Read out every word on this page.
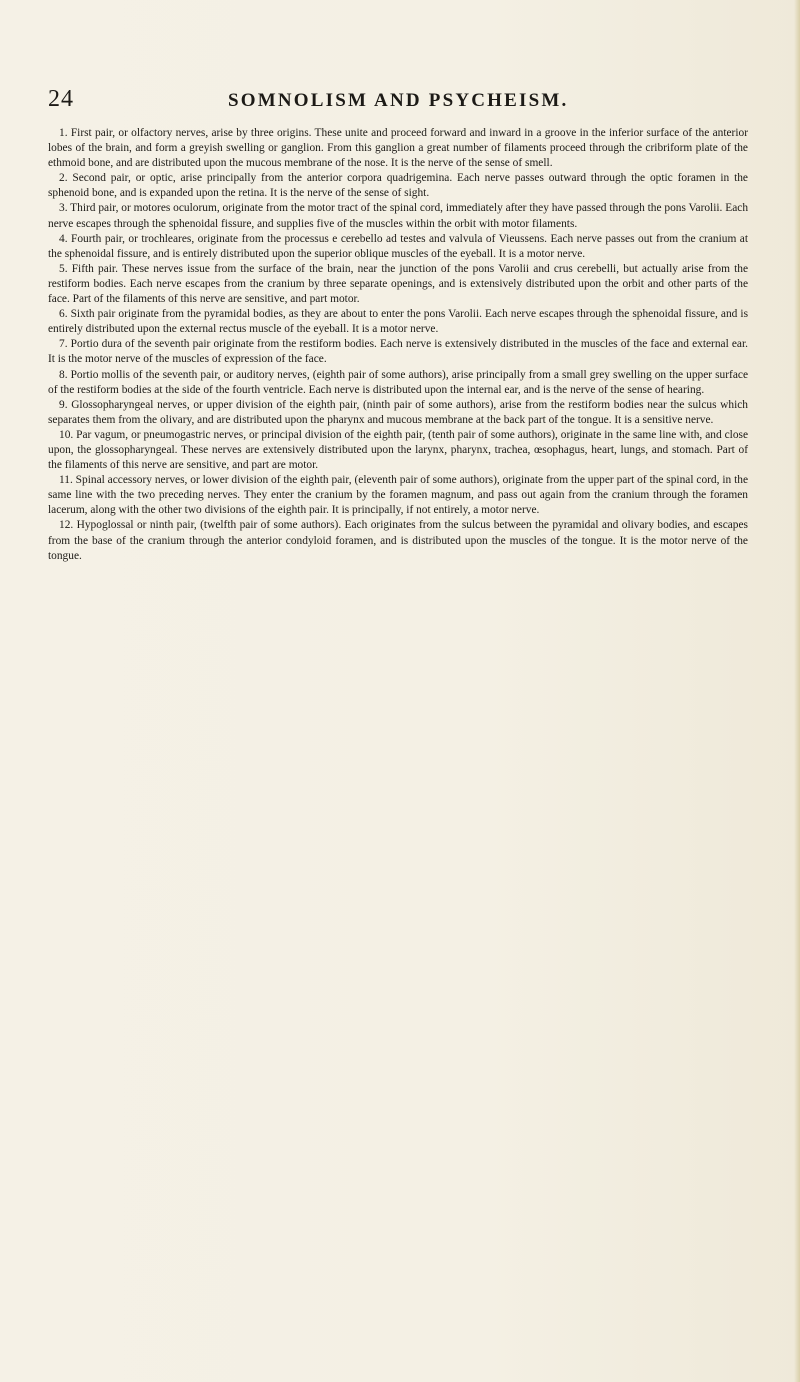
24	SOMNOLISM AND PSYCHEISM.

1. First pair, or olfactory nerves, arise by three origins. These unite and proceed forward and inward in a groove in the inferior surface of the anterior lobes of the brain, and form a greyish swelling or ganglion. From this ganglion a great number of filaments proceed through the cribriform plate of the ethmoid bone, and are distributed upon the mucous membrane of the nose. It is the nerve of the sense of smell.

2. Second pair, or optic, arise principally from the anterior corpora quadrigemina. Each nerve passes outward through the optic foramen in the sphenoid bone, and is expanded upon the retina. It is the nerve of the sense of sight.

3. Third pair, or motores oculorum, originate from the motor tract of the spinal cord, immediately after they have passed through the pons Varolii. Each nerve escapes through the sphenoidal fissure, and supplies five of the muscles within the orbit with motor filaments.

4. Fourth pair, or trochleares, originate from the processus e cerebello ad testes and valvula of Vieussens. Each nerve passes out from the cranium at the sphenoidal fissure, and is entirely distributed upon the superior oblique muscles of the eyeball. It is a motor nerve.

5. Fifth pair. These nerves issue from the surface of the brain, near the junction of the pons Varolii and crus cerebelli, but actually arise from the restiform bodies. Each nerve escapes from the cranium by three separate openings, and is extensively distributed upon the orbit and other parts of the face. Part of the filaments of this nerve are sensitive, and part motor.

6. Sixth pair originate from the pyramidal bodies, as they are about to enter the pons Varolii. Each nerve escapes through the sphenoidal fissure, and is entirely distributed upon the external rectus muscle of the eyeball. It is a motor nerve.

7. Portio dura of the seventh pair originate from the restiform bodies. Each nerve is extensively distributed in the muscles of the face and external ear. It is the motor nerve of the muscles of expression of the face.

8. Portio mollis of the seventh pair, or auditory nerves, (eighth pair of some authors), arise principally from a small grey swelling on the upper surface of the restiform bodies at the side of the fourth ventricle. Each nerve is distributed upon the internal ear, and is the nerve of the sense of hearing.

9. Glossopharyngeal nerves, or upper division of the eighth pair, (ninth pair of some authors), arise from the restiform bodies near the sulcus which separates them from the olivary, and are distributed upon the pharynx and mucous membrane at the back part of the tongue. It is a sensitive nerve.

10. Par vagum, or pneumogastric nerves, or principal division of the eighth pair, (tenth pair of some authors), originate in the same line with, and close upon, the glossopharyngeal. These nerves are extensively distributed upon the larynx, pharynx, trachea, œsophagus, heart, lungs, and stomach. Part of the filaments of this nerve are sensitive, and part are motor.

11. Spinal accessory nerves, or lower division of the eighth pair, (eleventh pair of some authors), originate from the upper part of the spinal cord, in the same line with the two preceding nerves. They enter the cranium by the foramen magnum, and pass out again from the cranium through the foramen lacerum, along with the other two divisions of the eighth pair. It is principally, if not entirely, a motor nerve.

12. Hypoglossal or ninth pair, (twelfth pair of some authors). Each originates from the sulcus between the pyramidal and olivary bodies, and escapes from the base of the cranium through the anterior condyloid foramen, and is distributed upon the muscles of the tongue. It is the motor nerve of the tongue.
